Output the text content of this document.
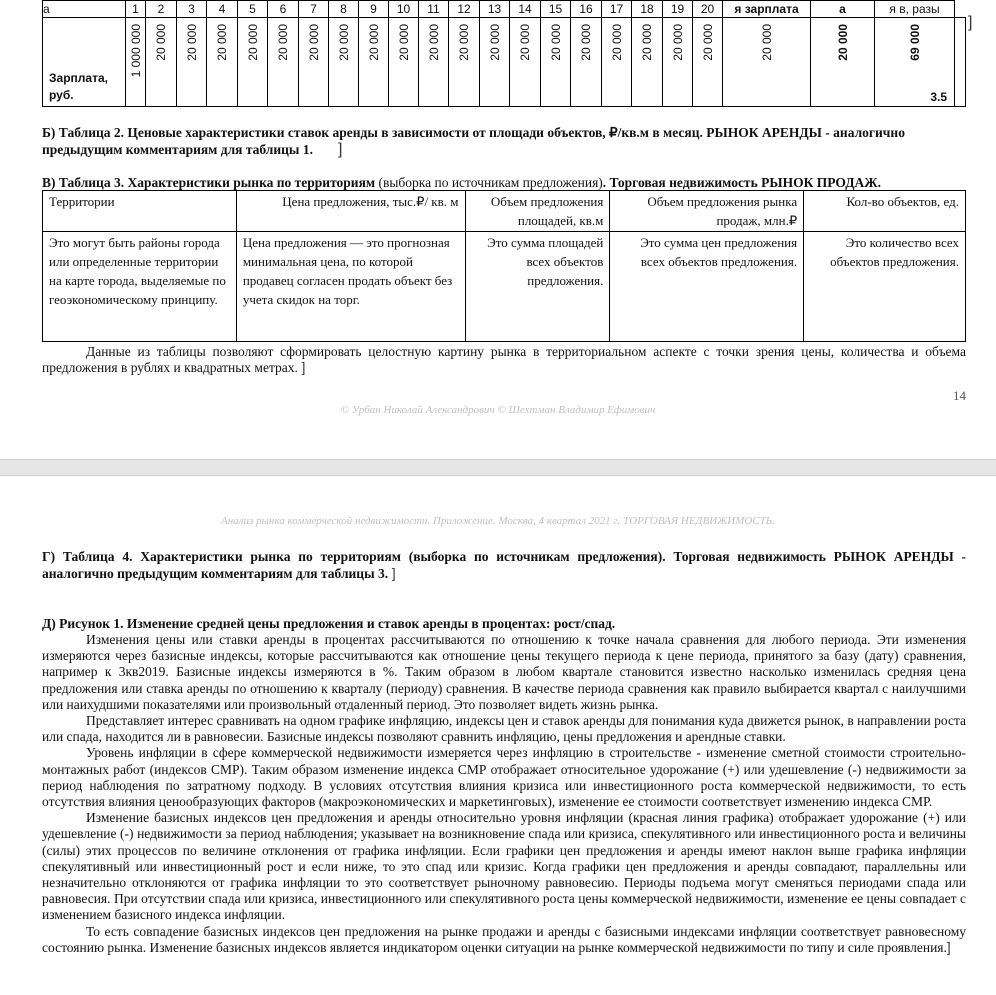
а	1	2	3	4	5	6	7	8	9	10	11	12	13	14	15	16	17	18	19	20	я зарплата	а	я в, разы	

Зарплата, руб.	1 000 000	20 000	20 000	20 000	20 000	20 000	20 000	20 000	20 000	20 000	20 000	20 000	20 000	20 000	20 000	20 000	20 000	20 000	20 000	20 000	20 000	20 000	69 000	3.5
]
Б) Таблица 2. Ценовые характеристики ставок аренды в зависимости от площади объектов, ₽/кв.м в месяц. РЫНОК АРЕНДЫ - аналогично предыдущим комментариям для таблицы 1.	]
В) Таблица 3. Характеристики рынка по территориям (выборка по источникам предложения). Торговая недвижимость РЫНОК ПРОДАЖ.
Территории	Цена предложения, тыс.₽/ кв. м	Объем предложения площадей, кв.м	Объем предложения рынка продаж, млн.₽	Кол-во объектов, ед.
Это могут быть районы города или определенные территории на карте города, выделяемые по геоэкономическому принципу.	Цена предложения — это прогнозная минимальная цена, по которой продавец согласен продать объект без учета скидок на торг.	Это сумма площадей всех объектов предложения.	Это сумма цен предложения всех объектов предложения.	Это количество всех объектов предложения.
Данные из таблицы позволяют сформировать целостную картину рынка в территориальном аспекте с точки зрения цены, количества и объема предложения в рублях и квадратных метрах. ]
14
© Урбан Николай Александрович © Шехтман Владимир Ефимович
Анализ рынка коммерческой недвижимости. Приложение. Москва, 4 квартал 2021 г. ТОРГОВАЯ НЕДВИЖИМОСТЬ.
Г) Таблица 4. Характеристики рынка по территориям (выборка по источникам предложения). Торговая недвижимость РЫНОК АРЕНДЫ - аналогично предыдущим комментариям для таблицы 3. ]
Д) Рисунок 1. Изменение средней цены предложения и ставок аренды в процентах: рост/спад.
Изменения цены или ставки аренды в процентах рассчитываются по отношению к точке начала сравнения для любого периода. Эти изменения измеряются через базисные индексы, которые рассчитываются как отношение цены текущего периода к цене периода, принятого за базу (дату) сравнения, например к 3кв2019. Базисные индексы измеряются в %. Таким образом в любом квартале становится известно насколько изменилась средняя цена предложения или ставка аренды по отношению к кварталу (периоду) сравнения. В качестве периода сравнения как правило выбирается квартал с наилучшими или наихудшими показателями или произвольный отдаленный период. Это позволяет видеть жизнь рынка.
Представляет интерес сравнивать на одном графике инфляцию, индексы цен и ставок аренды для понимания куда движется рынок, в направлении роста или спада, находится ли в равновесии. Базисные индексы позволяют сравнить инфляцию, цены предложения и арендные ставки.
Уровень инфляции в сфере коммерческой недвижимости измеряется через инфляцию в строительстве - изменение сметной стоимости строительно-монтажных работ (индексов СМР). Таким образом изменение индекса СМР отображает относительное удорожание (+) или удешевление (-) недвижимости за период наблюдения по затратному подходу. В условиях отсутствия влияния кризиса или инвестиционного роста коммерческой недвижимости, то есть отсутствия влияния ценообразующих факторов (макроэкономических и маркетинговых), изменение ее стоимости соответствует изменению индекса СМР.
Изменение базисных индексов цен предложения и аренды относительно уровня инфляции (красная линия графика) отображает удорожание (+) или удешевление (-) недвижимости за период наблюдения; указывает на возникновение спада или кризиса, спекулятивного или инвестиционного роста и величины (силы) этих процессов по величине отклонения от графика инфляции. Если графики цен предложения и аренды имеют наклон выше графика инфляции спекулятивный или инвестиционный рост и если ниже, то это спад или кризис. Когда графики цен предложения и аренды совпадают, параллельны или незначительно отклоняются от графика инфляции то это соответствует рыночному равновесию. Периоды подъема могут сменяться периодами спада или равновесия. При отсутствии спада или кризиса, инвестиционного или спекулятивного роста цены коммерческой недвижимости, изменение ее цены совпадает с изменением базисного индекса инфляции.
То есть совпадение базисных индексов цен предложения на рынке продажи и аренды с базисными индексами инфляции соответствует равновесному состоянию рынка. Изменение базисных индексов является индикатором оценки ситуации на рынке коммерческой недвижимости по типу и силе проявления.]
